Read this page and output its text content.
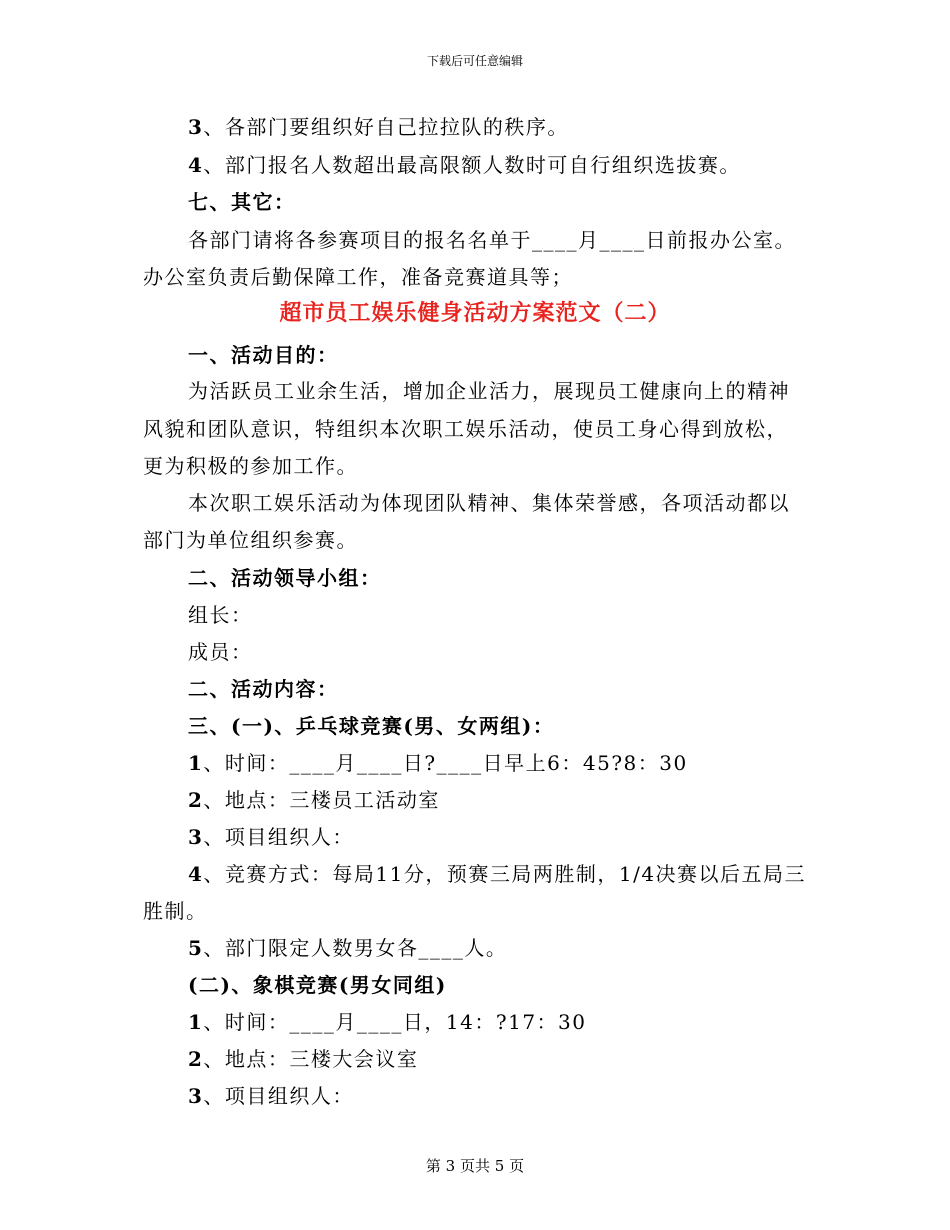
下载后可任意编辑
3、各部门要组织好自己拉拉队的秩序。
4、部门报名人数超出最高限额人数时可自行组织选拔赛。
七、其它：
各部门请将各参赛项目的报名名单于____月____日前报办公室。
办公室负责后勤保障工作，准备竞赛道具等；
超市员工娱乐健身活动方案范文（二）
一、活动目的：
为活跃员工业余生活，增加企业活力，展现员工健康向上的精神
风貌和团队意识，特组织本次职工娱乐活动，使员工身心得到放松，
更为积极的参加工作。
本次职工娱乐活动为体现团队精神、集体荣誉感，各项活动都以
部门为单位组织参赛。
二、活动领导小组：
组长：
成员：
二、活动内容：
三、(一)、乒乓球竞赛(男、女两组)：
1、时间：____月____日?____日早上6：45?8：30
2、地点：三楼员工活动室
3、项目组织人：
4、竞赛方式：每局11分，预赛三局两胜制，1/4决赛以后五局三
胜制。
5、部门限定人数男女各____人。
(二)、象棋竞赛(男女同组)
1、时间：____月____日，14：?17：30
2、地点：三楼大会议室
3、项目组织人：
第 3 页共 5 页
